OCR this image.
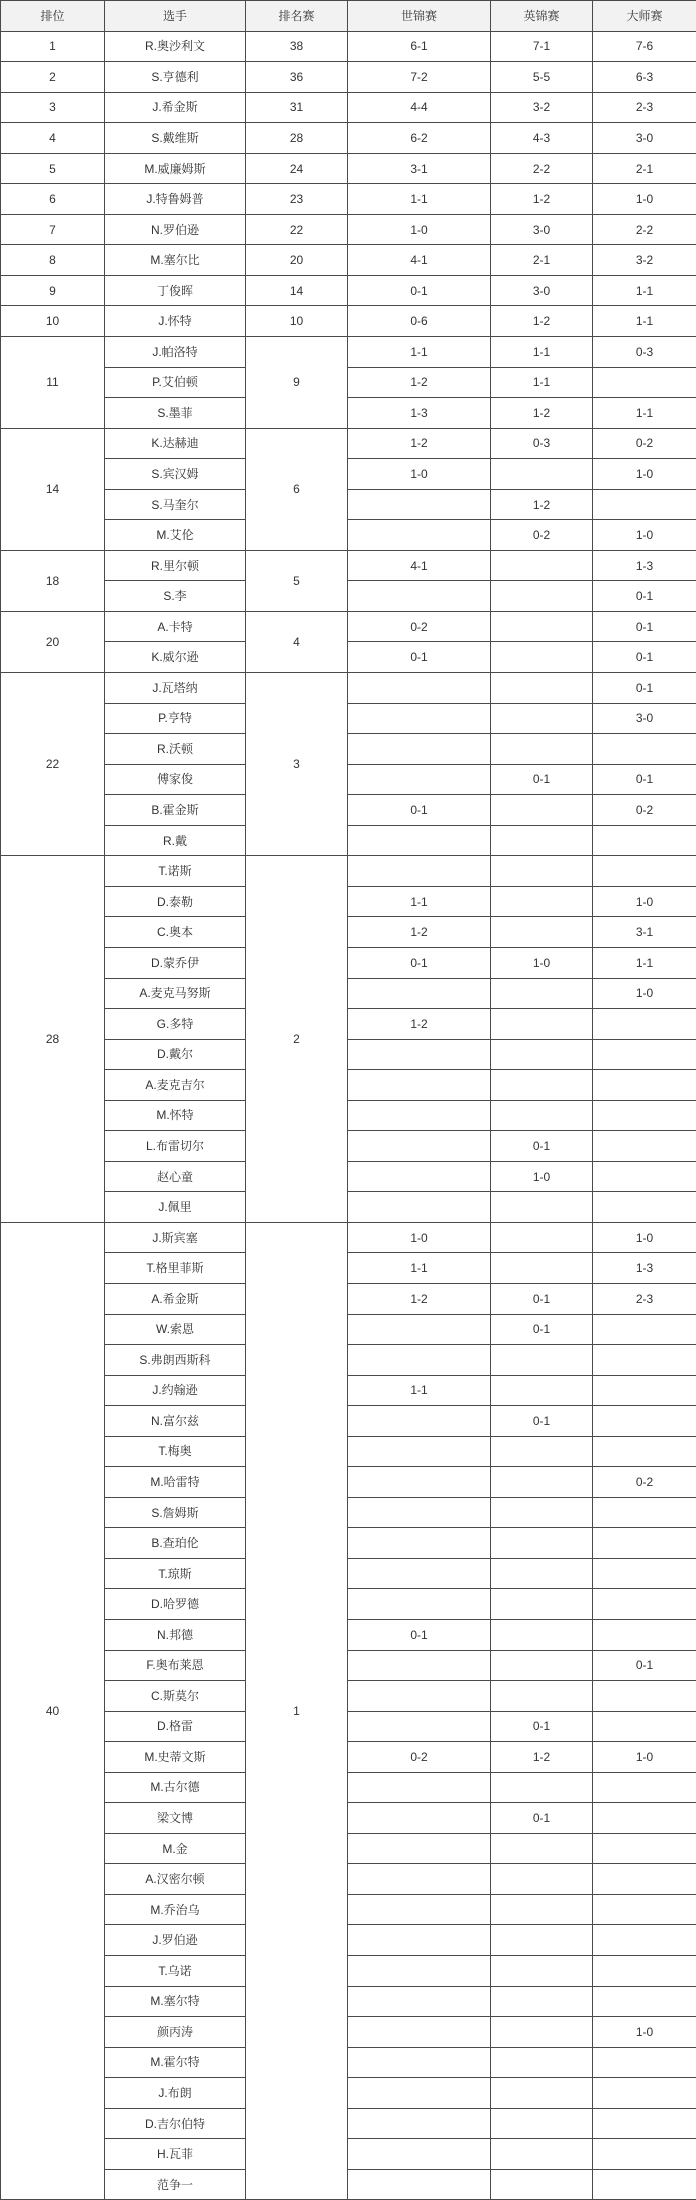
排位	选手	排名赛	世锦赛	英锦赛	大师赛
1	R.奥沙利文	38	6-1	7-1	7-6
2	S.亨德利	36	7-2	5-5	6-3
3	J.希金斯	31	4-4	3-2	2-3
4	S.戴维斯	28	6-2	4-3	3-0
5	M.威廉姆斯	24	3-1	2-2	2-1
6	J.特鲁姆普	23	1-1	1-2	1-0
7	N.罗伯逊	22	1-0	3-0	2-2
8	M.塞尔比	20	4-1	2-1	3-2
9	丁俊晖	14	0-1	3-0	1-1
10	J.怀特	10	0-6	1-2	1-1
11	J.帕洛特	9	1-1	1-1	0-3
	P.艾伯顿		1-2	1-1	
	S.墨菲		1-3	1-2	1-1
14	K.达赫迪	6	1-2	0-3	0-2
	S.宾汉姆		1-0		1-0
	S.马奎尔			1-2	
	M.艾伦			0-2	1-0
18	R.里尔顿	5	4-1		1-3
	S.李				0-1
20	A.卡特	4	0-2		0-1
	K.威尔逊		0-1		0-1
22	J.瓦塔纳	3			0-1
	P.亨特				3-0
	R.沃顿				
	傅家俊			0-1	0-1
	B.霍金斯		0-1		0-2
	R.戴				
28	T.诺斯	2			
	D.泰勒		1-1		1-0
	C.奥本		1-2		3-1
	D.蒙乔伊		0-1	1-0	1-1
	A.麦克马努斯				1-0
	G.多特		1-2		
	D.戴尔				
	A.麦克吉尔				
	M.怀特				
	L.布雷切尔			0-1	
	赵心童			1-0	
	J.佩里				
40	J.斯宾塞	1	1-0		1-0
	T.格里菲斯		1-1		1-3
	A.希金斯		1-2	0-1	2-3
	W.索恩			0-1	
	S.弗朗西斯科				
	J.约翰逊		1-1		
	N.富尔兹			0-1	
	T.梅奥				
	M.哈雷特				0-2
	S.詹姆斯				
	B.查珀伦				
	T.琼斯				
	D.哈罗德				
	N.邦德		0-1		
	F.奥布莱恩				0-1
	C.斯莫尔				
	D.格雷			0-1	
	M.史蒂文斯		0-2	1-2	1-0
	M.古尔德				
	梁文博			0-1	
	M.金				
	A.汉密尔顿				
	M.乔治乌				
	J.罗伯逊				
	T.乌诺				
	M.塞尔特				
	颜丙涛				1-0
	M.霍尔特				
	J.布朗				
	D.吉尔伯特				
	H.瓦菲				
	范争一				
